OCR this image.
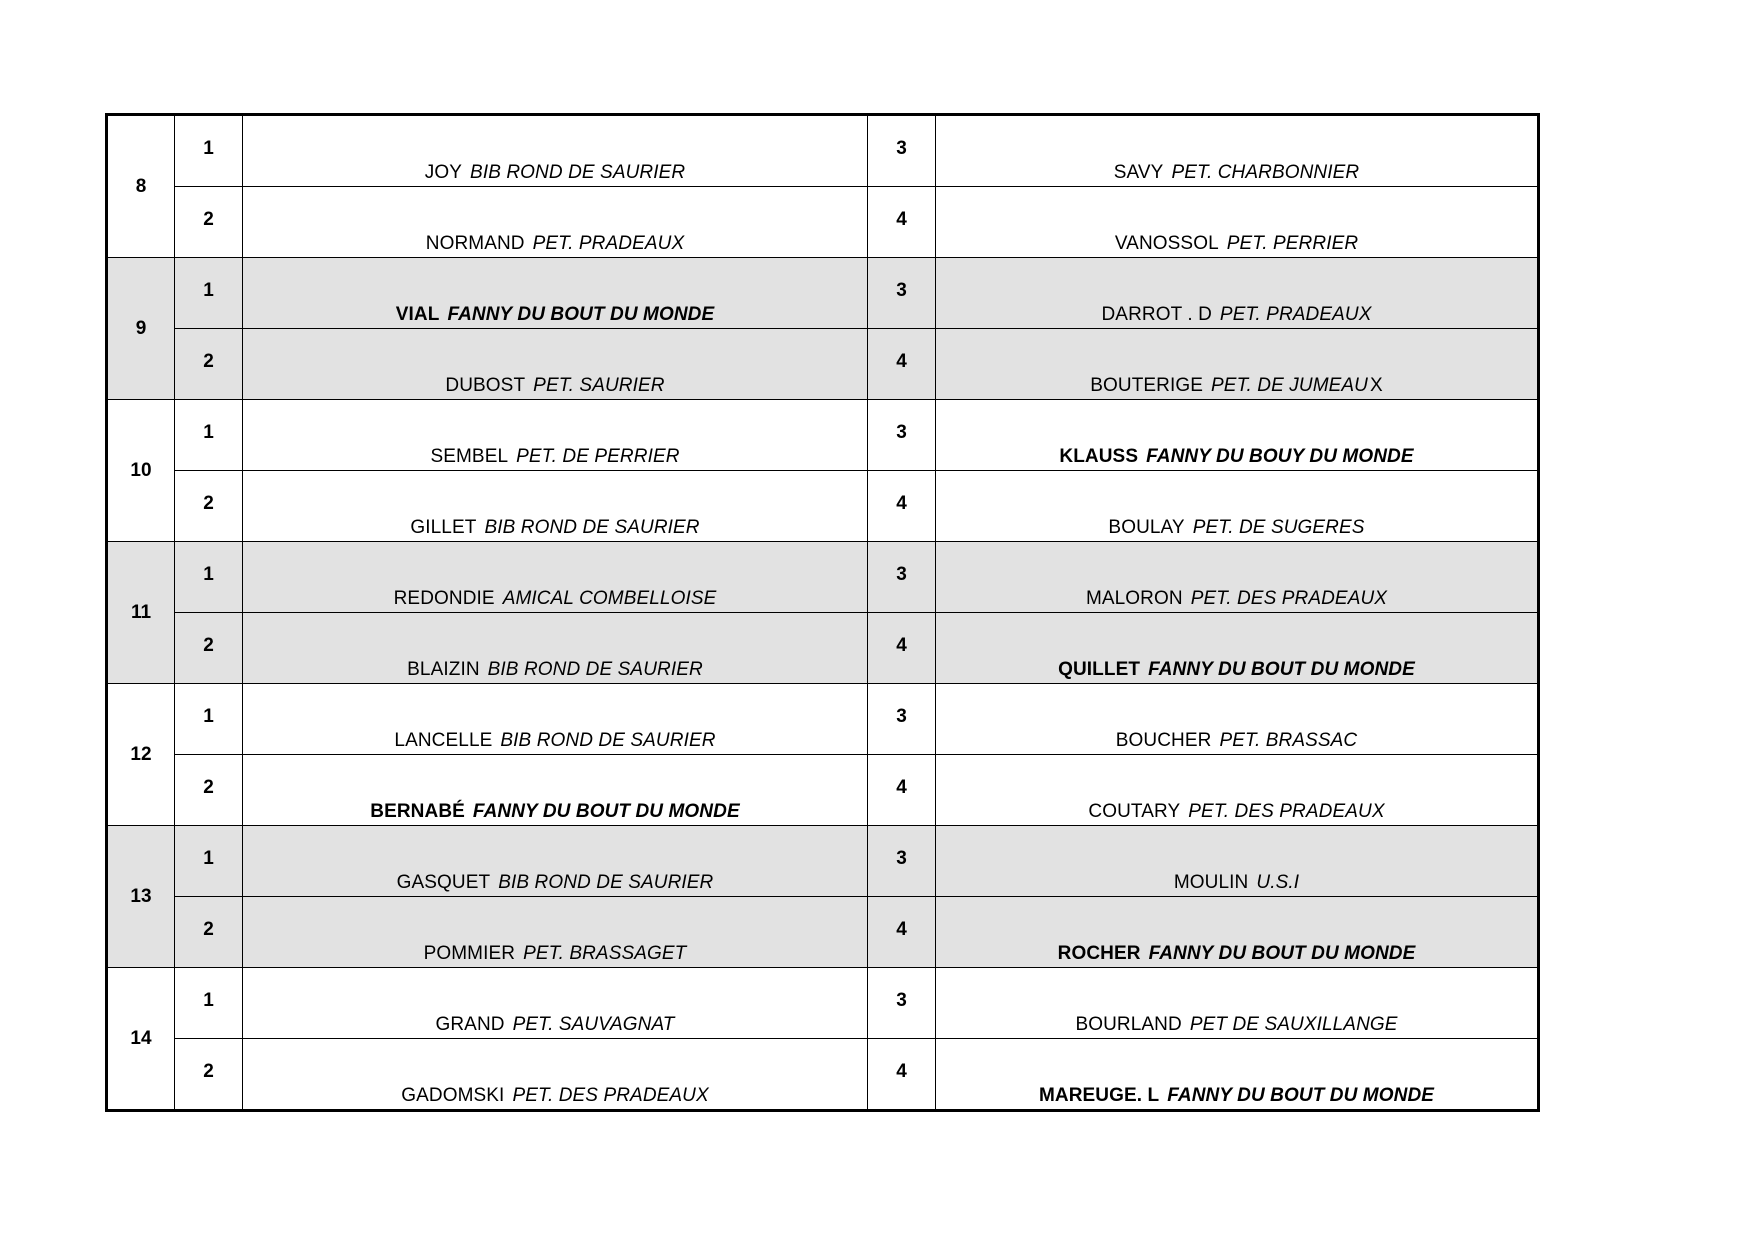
8	1	JOY BIB ROND DE SAURIER	3	SAVY PET. CHARBONNIER
	2	NORMAND PET. PRADEAUX	4	VANOSSOL PET. PERRIER
9	1	VIAL FANNY DU BOUT DU MONDE	3	DARROT . D PET. PRADEAUX
	2	DUBOST PET. SAURIER	4	BOUTERIGE PET. DE JUMEAU X
10	1	SEMBEL PET. DE PERRIER	3	KLAUSS FANNY DU BOUY DU MONDE
	2	GILLET BIB ROND DE SAURIER	4	BOULAY PET. DE SUGERES
11	1	REDONDIE AMICAL COMBELLOISE	3	MALORON PET. DES PRADEAUX
	2	BLAIZIN BIB ROND DE SAURIER	4	QUILLET FANNY DU BOUT DU MONDE
12	1	LANCELLE BIB ROND DE SAURIER	3	BOUCHER PET. BRASSAC
	2	BERNABÉ FANNY DU BOUT DU MONDE	4	COUTARY PET. DES PRADEAUX
13	1	GASQUET BIB ROND DE SAURIER	3	MOULIN U.S.I
	2	POMMIER PET. BRASSAGET	4	ROCHER FANNY DU BOUT DU MONDE
14	1	GRAND PET. SAUVAGNAT	3	BOURLAND PET DE SAUXILLANGE
	2	GADOMSKI PET. DES PRADEAUX	4	MAREUGE. L FANNY DU BOUT DU MONDE
